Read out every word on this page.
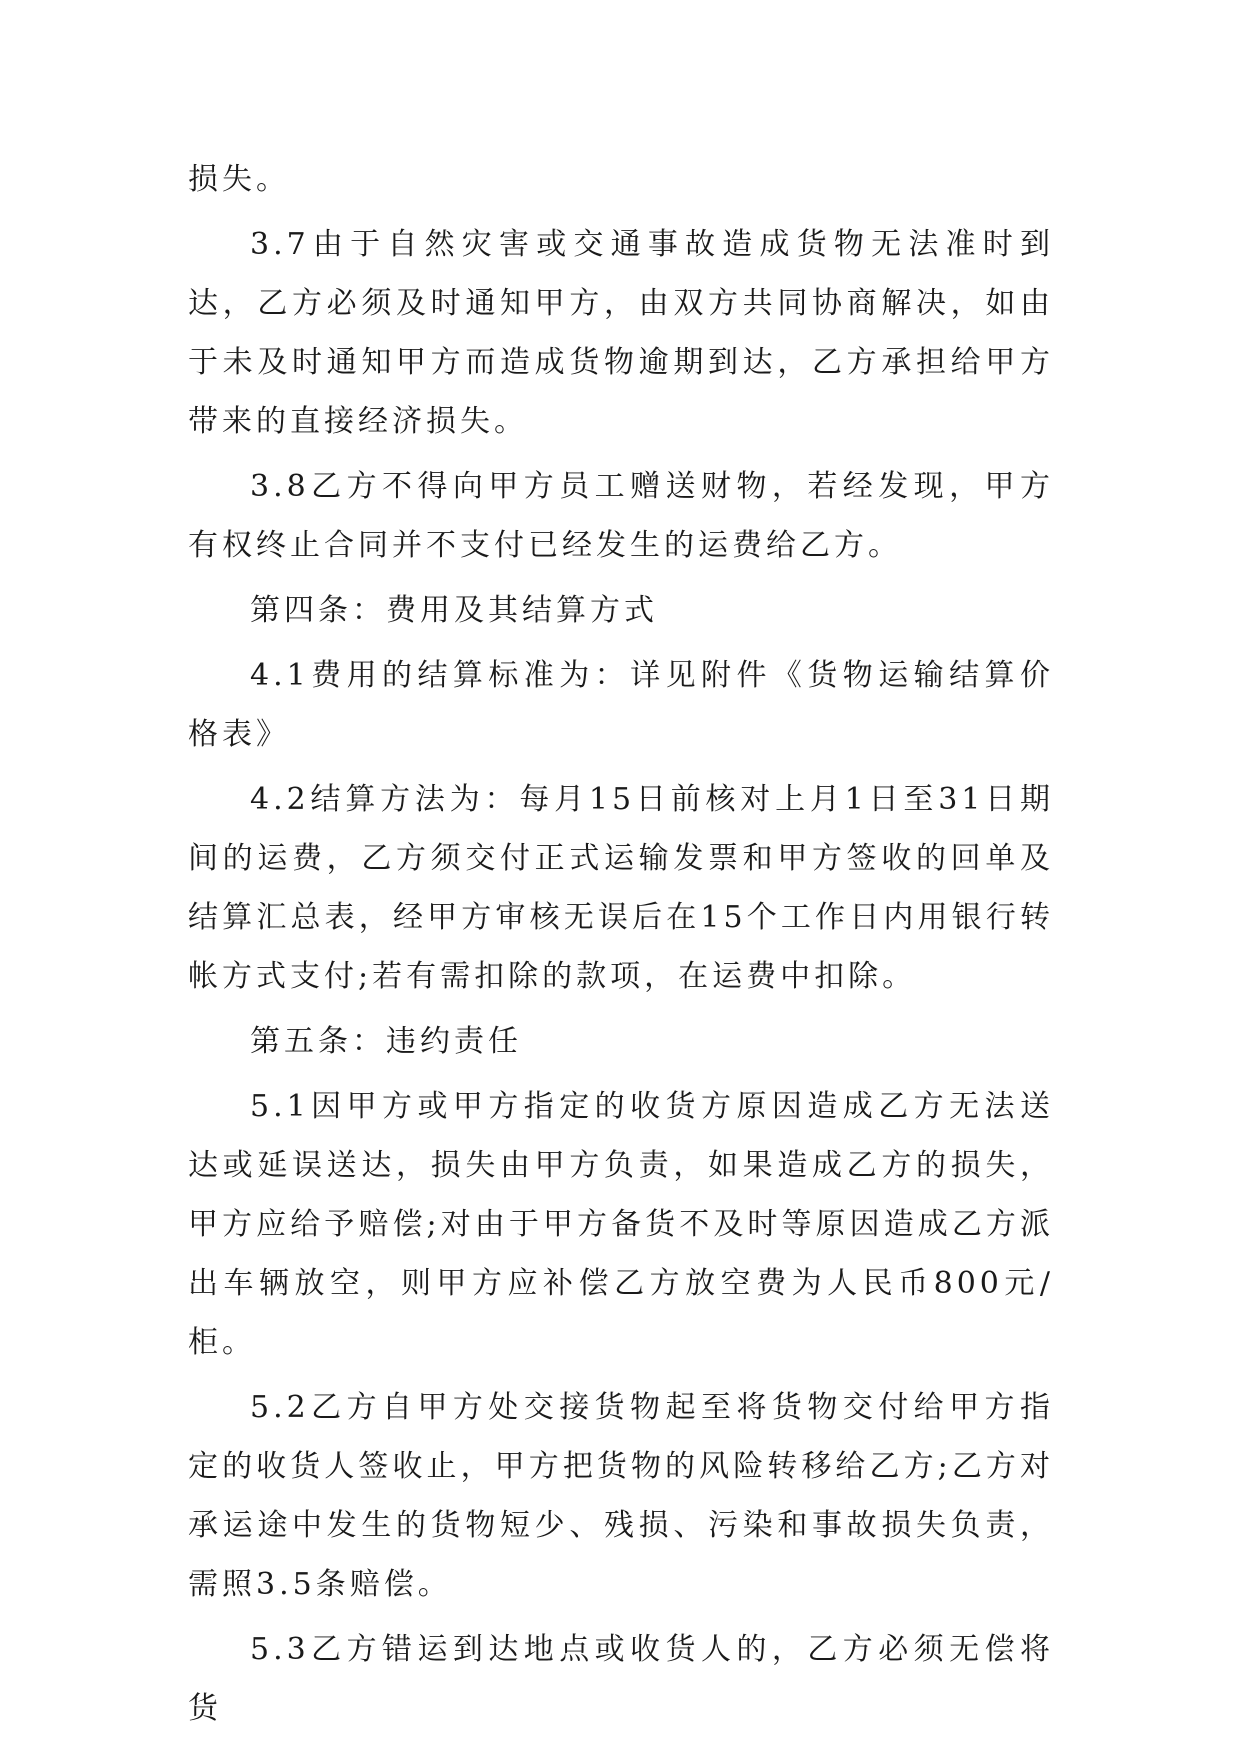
损失。

3.7由于自然灾害或交通事故造成货物无法准时到达，乙方必须及时通知甲方，由双方共同协商解决，如由于未及时通知甲方而造成货物逾期到达，乙方承担给甲方带来的直接经济损失。

3.8乙方不得向甲方员工赠送财物，若经发现，甲方有权终止合同并不支付已经发生的运费给乙方。

第四条：费用及其结算方式

4.1费用的结算标准为：详见附件《货物运输结算价格表》

4.2结算方法为：每月15日前核对上月1日至31日期间的运费，乙方须交付正式运输发票和甲方签收的回单及结算汇总表，经甲方审核无误后在15个工作日内用银行转帐方式支付;若有需扣除的款项，在运费中扣除。

第五条：违约责任

5.1因甲方或甲方指定的收货方原因造成乙方无法送达或延误送达，损失由甲方负责，如果造成乙方的损失，甲方应给予赔偿;对由于甲方备货不及时等原因造成乙方派出车辆放空，则甲方应补偿乙方放空费为人民币800元/柜。

5.2乙方自甲方处交接货物起至将货物交付给甲方指定的收货人签收止，甲方把货物的风险转移给乙方;乙方对承运途中发生的货物短少、残损、污染和事故损失负责，需照3.5条赔偿。

5.3乙方错运到达地点或收货人的，乙方必须无偿将货
